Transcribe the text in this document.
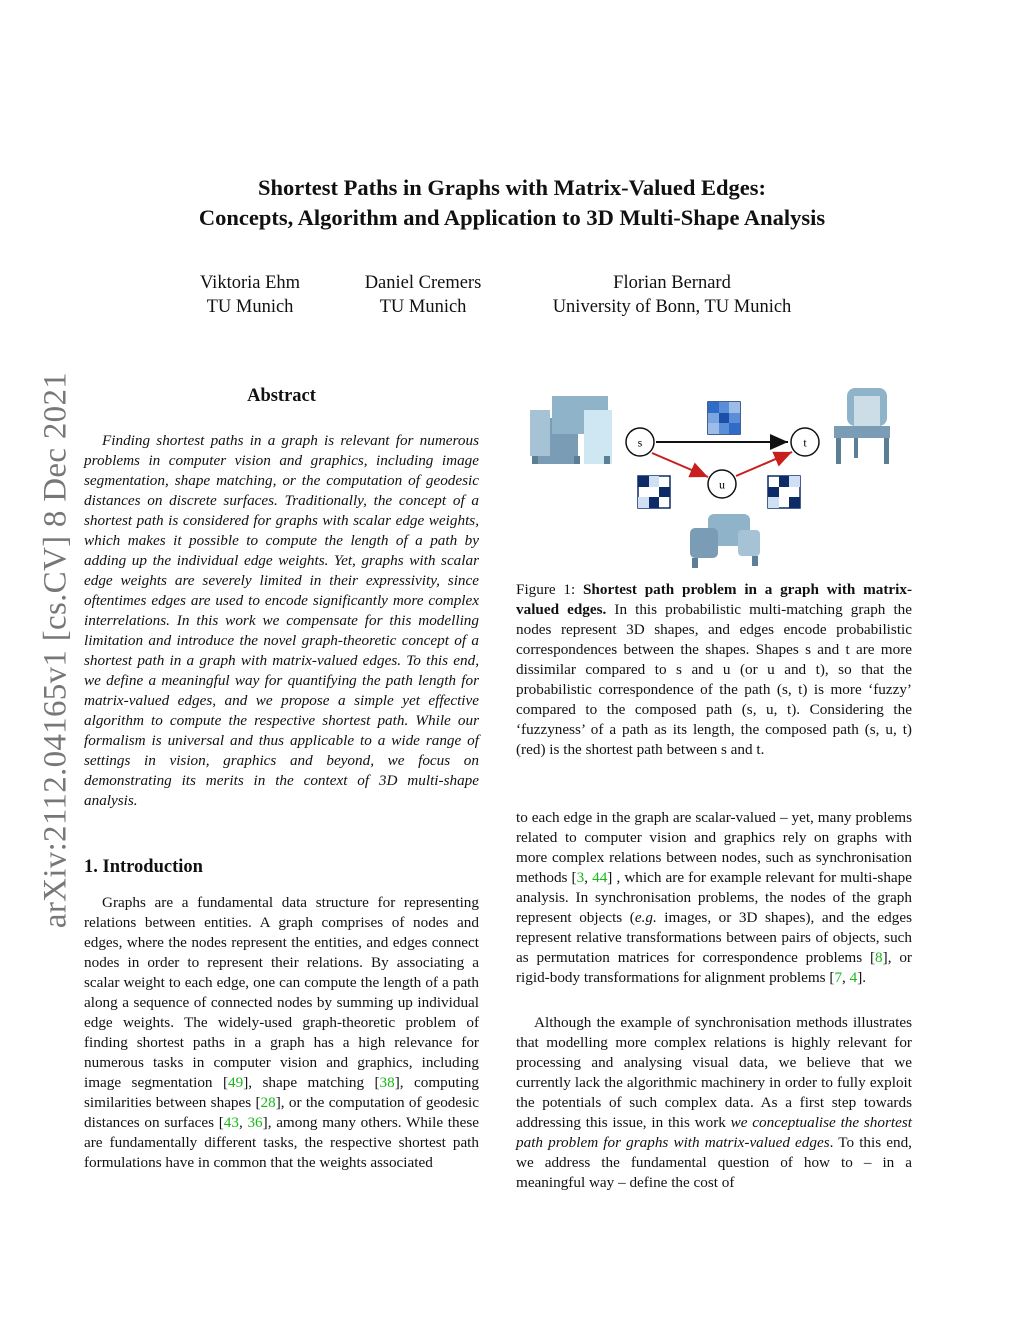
Shortest Paths in Graphs with Matrix-Valued Edges:
Concepts, Algorithm and Application to 3D Multi-Shape Analysis
Viktoria Ehm
TU Munich
Daniel Cremers
TU Munich
Florian Bernard
University of Bonn, TU Munich
arXiv:2112.04165v1 [cs.CV] 8 Dec 2021	Abstract
Finding shortest paths in a graph is relevant for numerous problems in computer vision and graphics, including image segmentation, shape matching, or the computation of geodesic distances on discrete surfaces. Traditionally, the concept of a shortest path is considered for graphs with scalar edge weights, which makes it possible to compute the length of a path by adding up the individual edge weights. Yet, graphs with scalar edge weights are severely limited in their expressivity, since oftentimes edges are used to encode significantly more complex interrelations. In this work we compensate for this modelling limitation and introduce the novel graph-theoretic concept of a shortest path in a graph with matrix-valued edges. To this end, we define a meaningful way for quantifying the path length for matrix-valued edges, and we propose a simple yet effective algorithm to compute the respective shortest path. While our formalism is universal and thus applicable to a wide range of settings in vision, graphics and beyond, we focus on demonstrating its merits in the context of 3D multi-shape analysis.
1. Introduction
Graphs are a fundamental data structure for representing relations between entities. A graph comprises of nodes and edges, where the nodes represent the entities, and edges connect nodes in order to represent their relations. By associating a scalar weight to each edge, one can compute the length of a path along a sequence of connected nodes by summing up individual edge weights. The widely-used graph-theoretic problem of finding shortest paths in a graph has a high relevance for numerous tasks in computer vision and graphics, including image segmentation [49], shape matching [38], computing similarities between shapes [28], or the computation of geodesic distances on surfaces [43, 36], among many others. While these are fundamentally different tasks, the respective shortest path formulations have in common that the weights associated
s	t
u
Figure 1: Shortest path problem in a graph with matrix-valued edges. In this probabilistic multi-matching graph the nodes represent 3D shapes, and edges encode probabilistic correspondences between the shapes. Shapes s and t are more dissimilar compared to s and u (or u and t), so that the probabilistic correspondence of the path (s, t) is more ‘fuzzy’ compared to the composed path (s, u, t). Considering the ‘fuzzyness’ of a path as its length, the composed path (s, u, t) (red) is the shortest path between s and t.
to each edge in the graph are scalar-valued – yet, many problems related to computer vision and graphics rely on graphs with more complex relations between nodes, such as synchronisation methods [3, 44] , which are for example relevant for multi-shape analysis. In synchronisation problems, the nodes of the graph represent objects (e.g. images, or 3D shapes), and the edges represent relative transformations between pairs of objects, such as permutation matrices for correspondence problems [8], or rigid-body transformations for alignment problems [7, 4].
Although the example of synchronisation methods illustrates that modelling more complex relations is highly relevant for processing and analysing visual data, we believe that we currently lack the algorithmic machinery in order to fully exploit the potentials of such complex data. As a first step towards addressing this issue, in this work we conceptualise the shortest path problem for graphs with matrix-valued edges. To this end, we address the fundamental question of how to – in a meaningful way – define the cost of
